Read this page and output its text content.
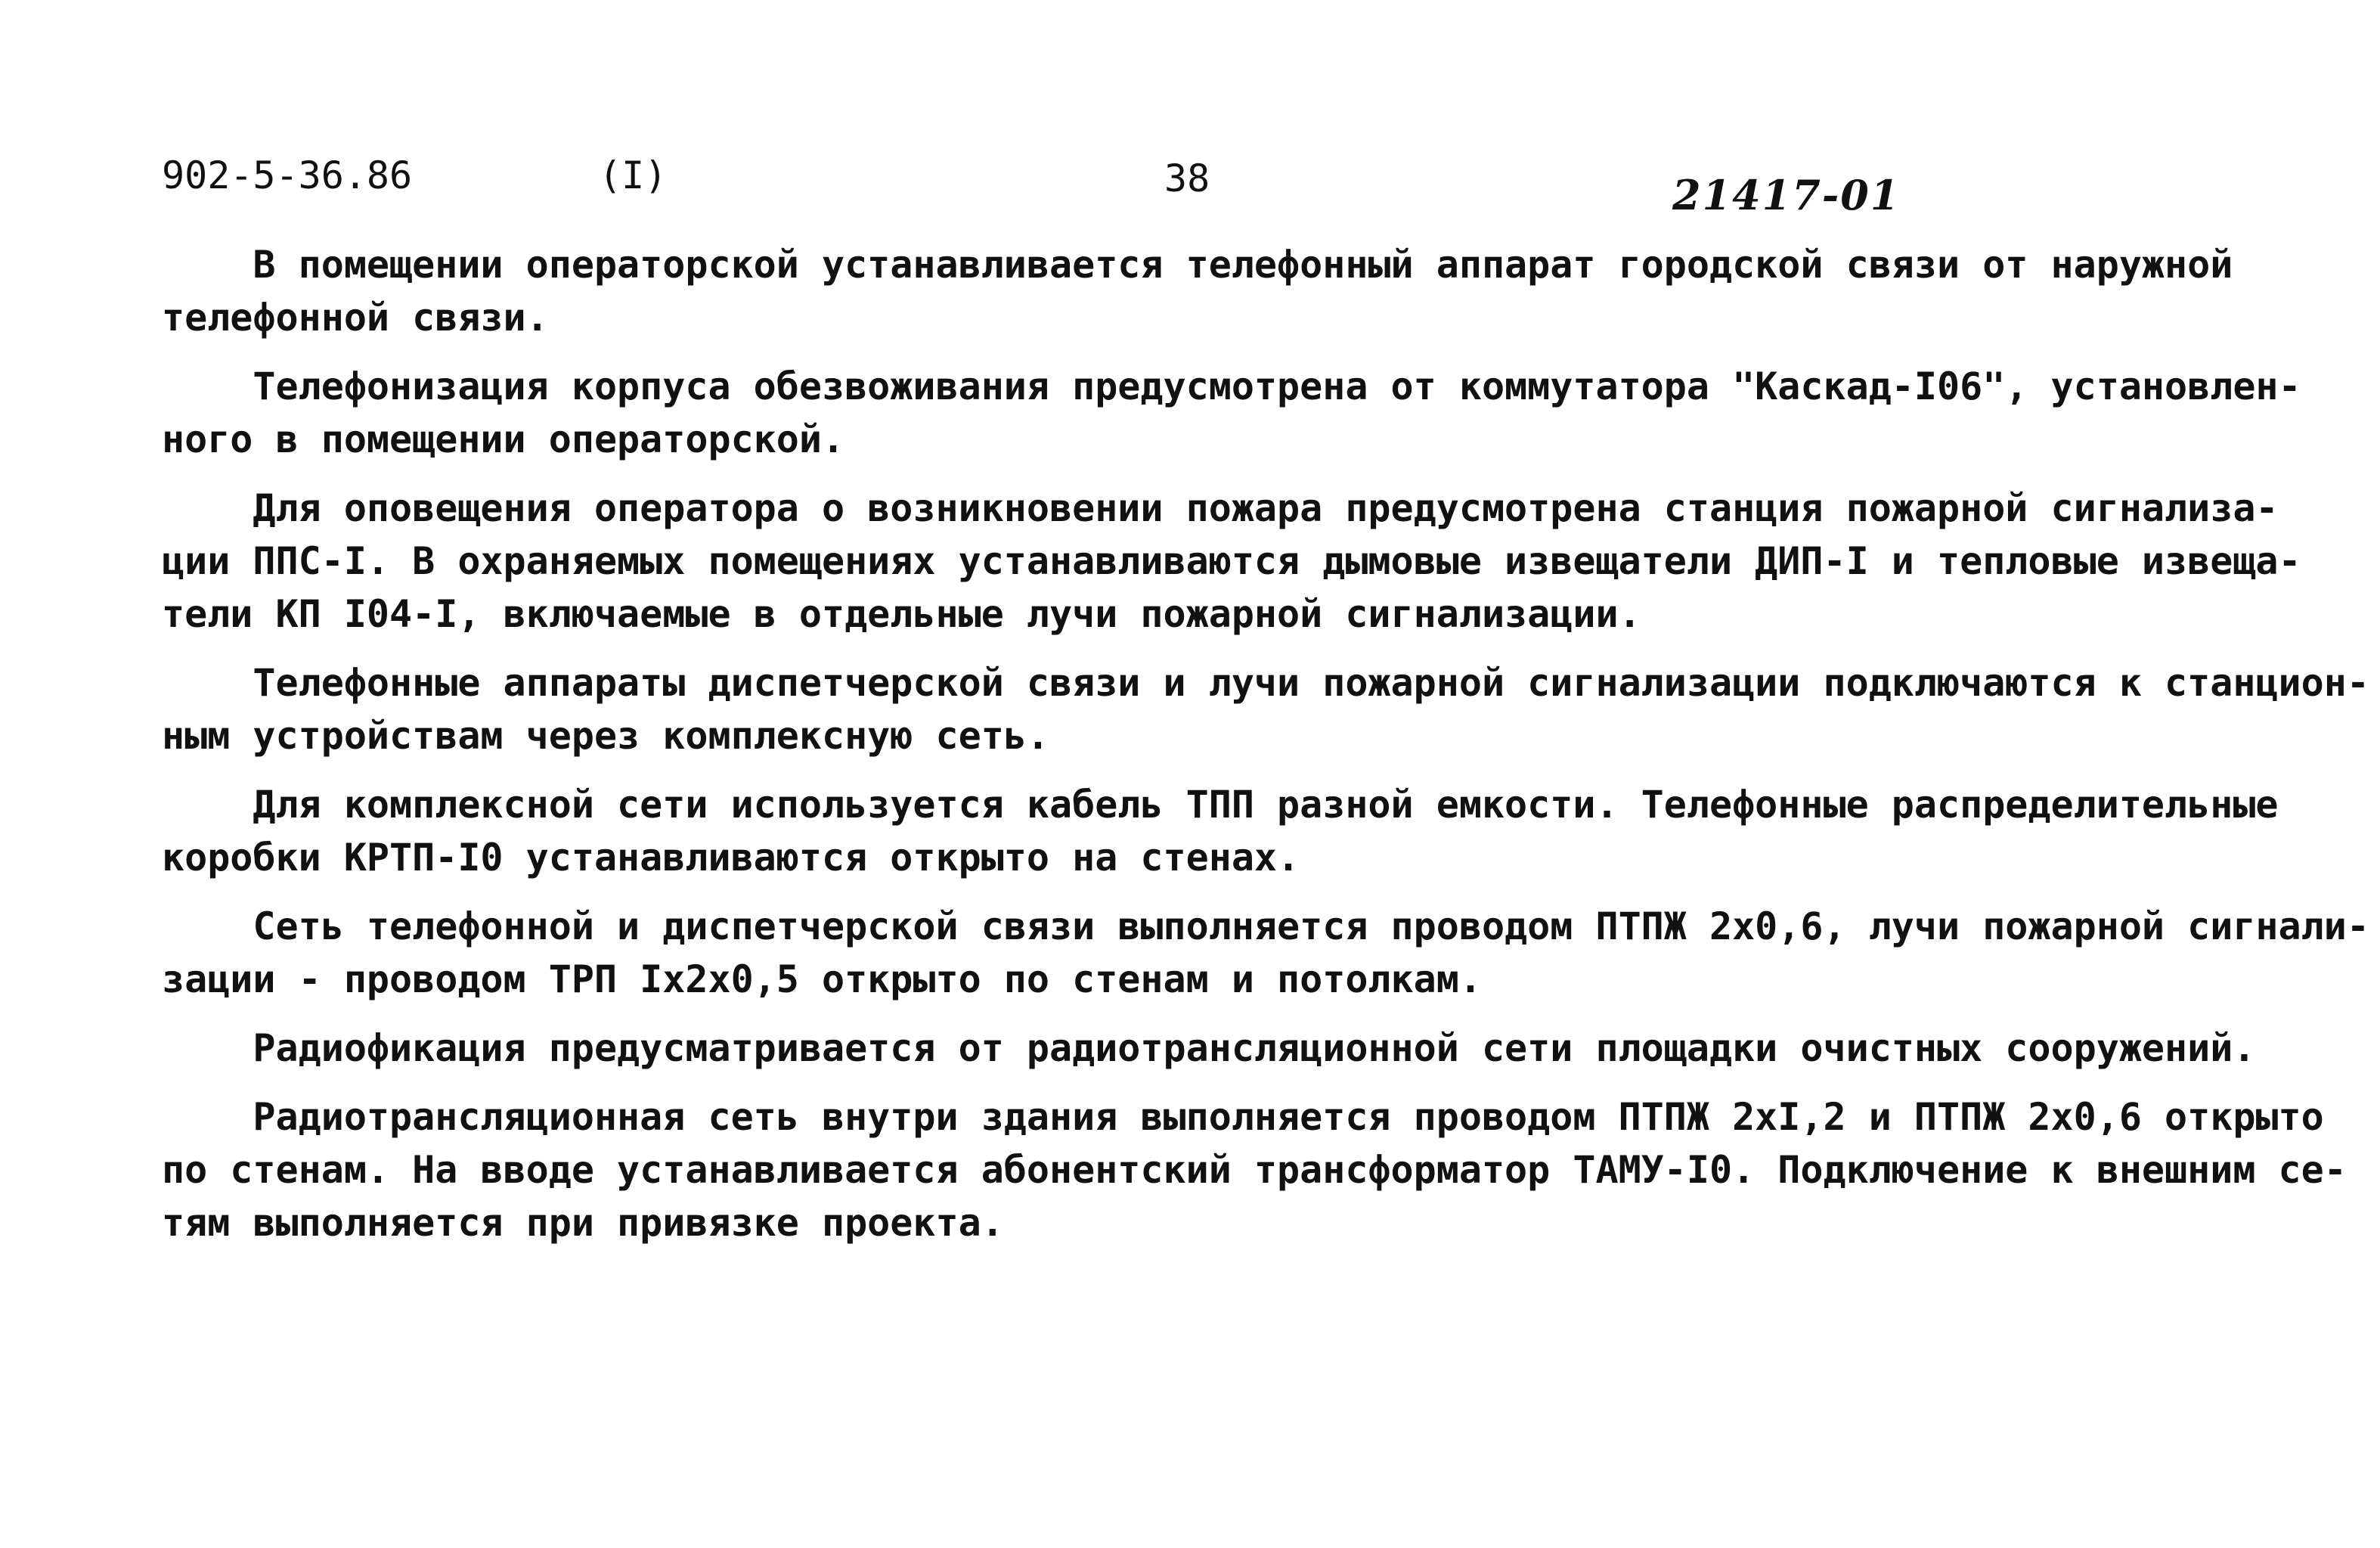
902-5-36.86	(I)	38	21417-01
В помещении операторской устанавливается телефонный аппарат городской связи от наружной
телефонной связи.
Телефонизация корпуса обезвоживания предусмотрена от коммутатора "Каскад-I06", установлен-
ного в помещении операторской.
Для оповещения оператора о возникновении пожара предусмотрена станция пожарной сигнализа-
ции ППС-I. В охраняемых помещениях устанавливаются дымовые извещатели ДИП-I и тепловые извеща-
тели КП I04-I, включаемые в отдельные лучи пожарной сигнализации.
Телефонные аппараты диспетчерской связи и лучи пожарной сигнализации подключаются к станцион-
ным устройствам через комплексную сеть.
Для комплексной сети используется кабель ТПП разной емкости. Телефонные распределительные
коробки КРТП-I0 устанавливаются открыто на стенах.
Сеть телефонной и диспетчерской связи выполняется проводом ПТПЖ 2х0,6, лучи пожарной сигнали-
зации - проводом ТРП Iх2х0,5 открыто по стенам и потолкам.
Радиофикация предусматривается от радиотрансляционной сети площадки очистных сооружений.
Радиотрансляционная сеть внутри здания выполняется проводом ПТПЖ 2хI,2 и ПТПЖ 2х0,6 открыто
по стенам. На вводе устанавливается абонентский трансформатор ТАМУ-I0. Подключение к внешним се-
тям выполняется при привязке проекта.
